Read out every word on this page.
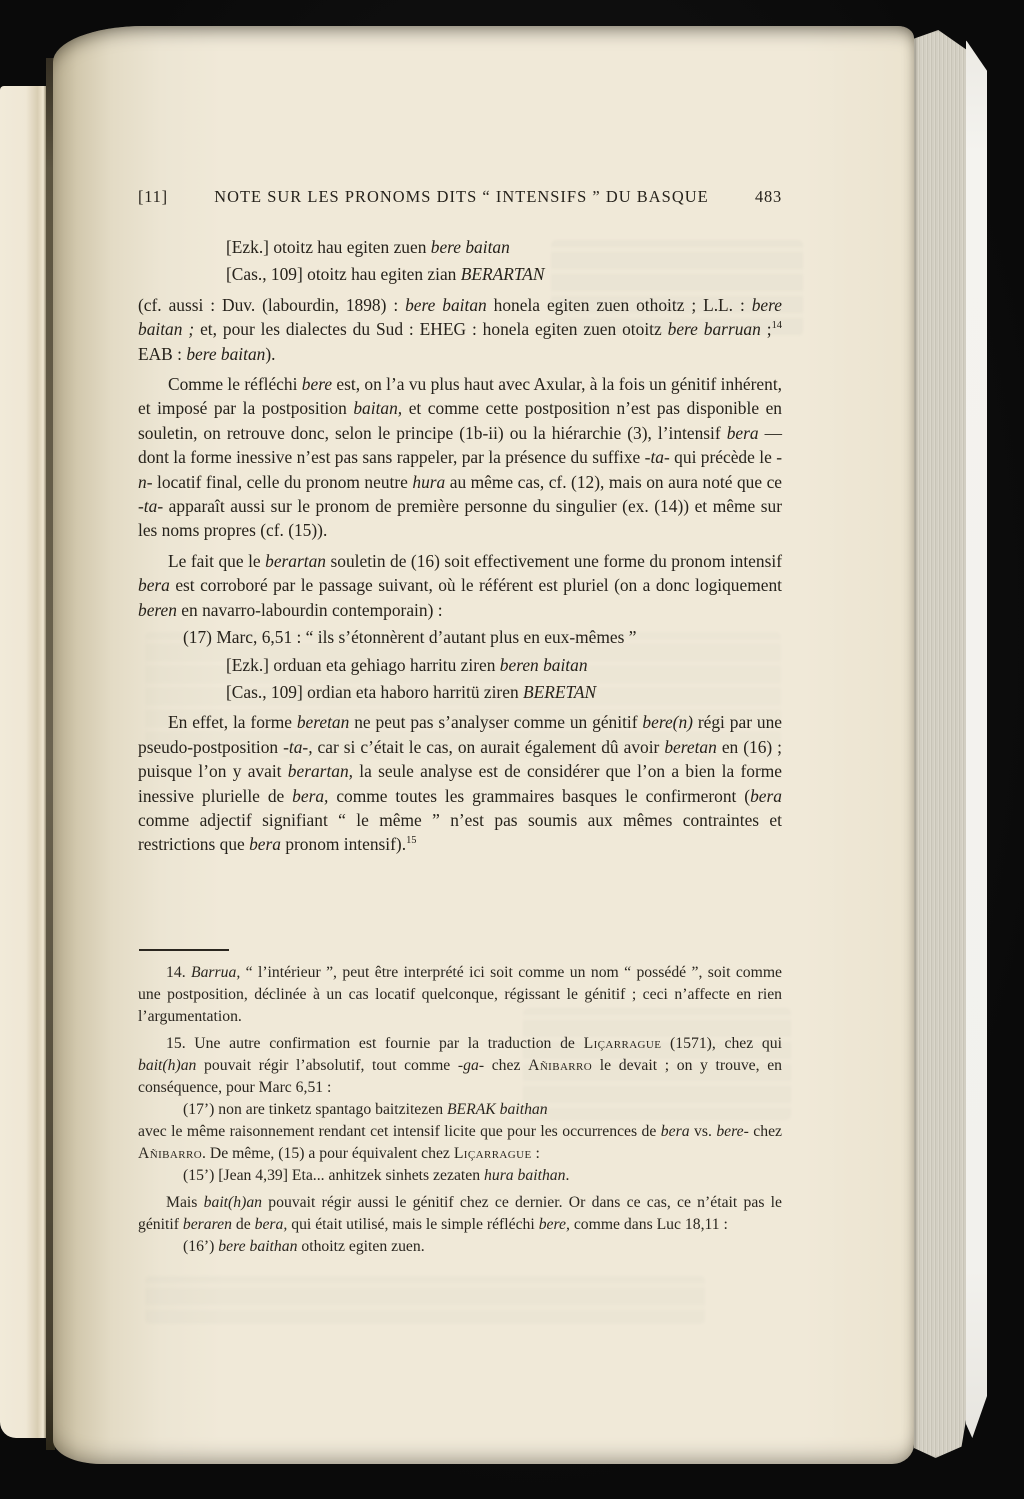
[11]	NOTE SUR LES PRONOMS DITS “ INTENSIFS ” DU BASQUE	483

[Ezk.] otoitz hau egiten zuen bere baitan

[Cas., 109] otoitz hau egiten zian BERARTAN

(cf. aussi : Duv. (labourdin, 1898) : bere baitan honela egiten zuen othoitz ; L.L. : bere baitan ; et, pour les dialectes du Sud : EHEG : honela egiten zuen otoitz bere barruan ;$^{14}$ EAB : bere baitan).

Comme le réfléchi bere est, on l’a vu plus haut avec Axular, à la fois un génitif inhérent, et imposé par la postposition baitan, et comme cette postposition n’est pas disponible en souletin, on retrouve donc, selon le principe (1b-ii) ou la hiérarchie (3), l’intensif bera — dont la forme inessive n’est pas sans rappeler, par la présence du suffixe -ta- qui précède le -n- locatif final, celle du pronom neutre hura au même cas, cf. (12), mais on aura noté que ce -ta- apparaît aussi sur le pronom de première personne du singulier (ex. (14)) et même sur les noms propres (cf. (15)).

Le fait que le berartan souletin de (16) soit effectivement une forme du pronom intensif bera est corroboré par le passage suivant, où le référent est pluriel (on a donc logiquement beren en navarro-labourdin contemporain) :

(17) Marc, 6,51 : “ ils s’étonnèrent d’autant plus en eux-mêmes ”

[Ezk.] orduan eta gehiago harritu ziren beren baitan

[Cas., 109] ordian eta haboro harritü ziren BERETAN

En effet, la forme beretan ne peut pas s’analyser comme un génitif bere(n) régi par une pseudo-postposition -ta-, car si c’était le cas, on aurait également dû avoir beretan en (16) ; puisque l’on y avait berartan, la seule analyse est de considérer que l’on a bien la forme inessive plurielle de bera, comme toutes les grammaires basques le confirmeront (bera comme adjectif signifiant “ le même ” n’est pas soumis aux mêmes contraintes et restrictions que bera pronom intensif).$^{15}$

14. Barrua, “ l’intérieur ”, peut être interprété ici soit comme un nom “ possédé ”, soit comme une postposition, déclinée à un cas locatif quelconque, régissant le génitif ; ceci n’affecte en rien l’argumentation.

15. Une autre confirmation est fournie par la traduction de Liçarrague (1571), chez qui bait(h)an pouvait régir l’absolutif, tout comme -ga- chez Añibarro le devait ; on y trouve, en conséquence, pour Marc 6,51 :

(17’) non are tinketz spantago baitzitezen BERAK baithan

avec le même raisonnement rendant cet intensif licite que pour les occurrences de bera vs. bere- chez Añibarro. De même, (15) a pour équivalent chez Liçarrague :

(15’) [Jean 4,39] Eta... anhitzek sinhets zezaten hura baithan.

Mais bait(h)an pouvait régir aussi le génitif chez ce dernier. Or dans ce cas, ce n’était pas le génitif beraren de bera, qui était utilisé, mais le simple réfléchi bere, comme dans Luc 18,11 :

(16’) bere baithan othoitz egiten zuen.
